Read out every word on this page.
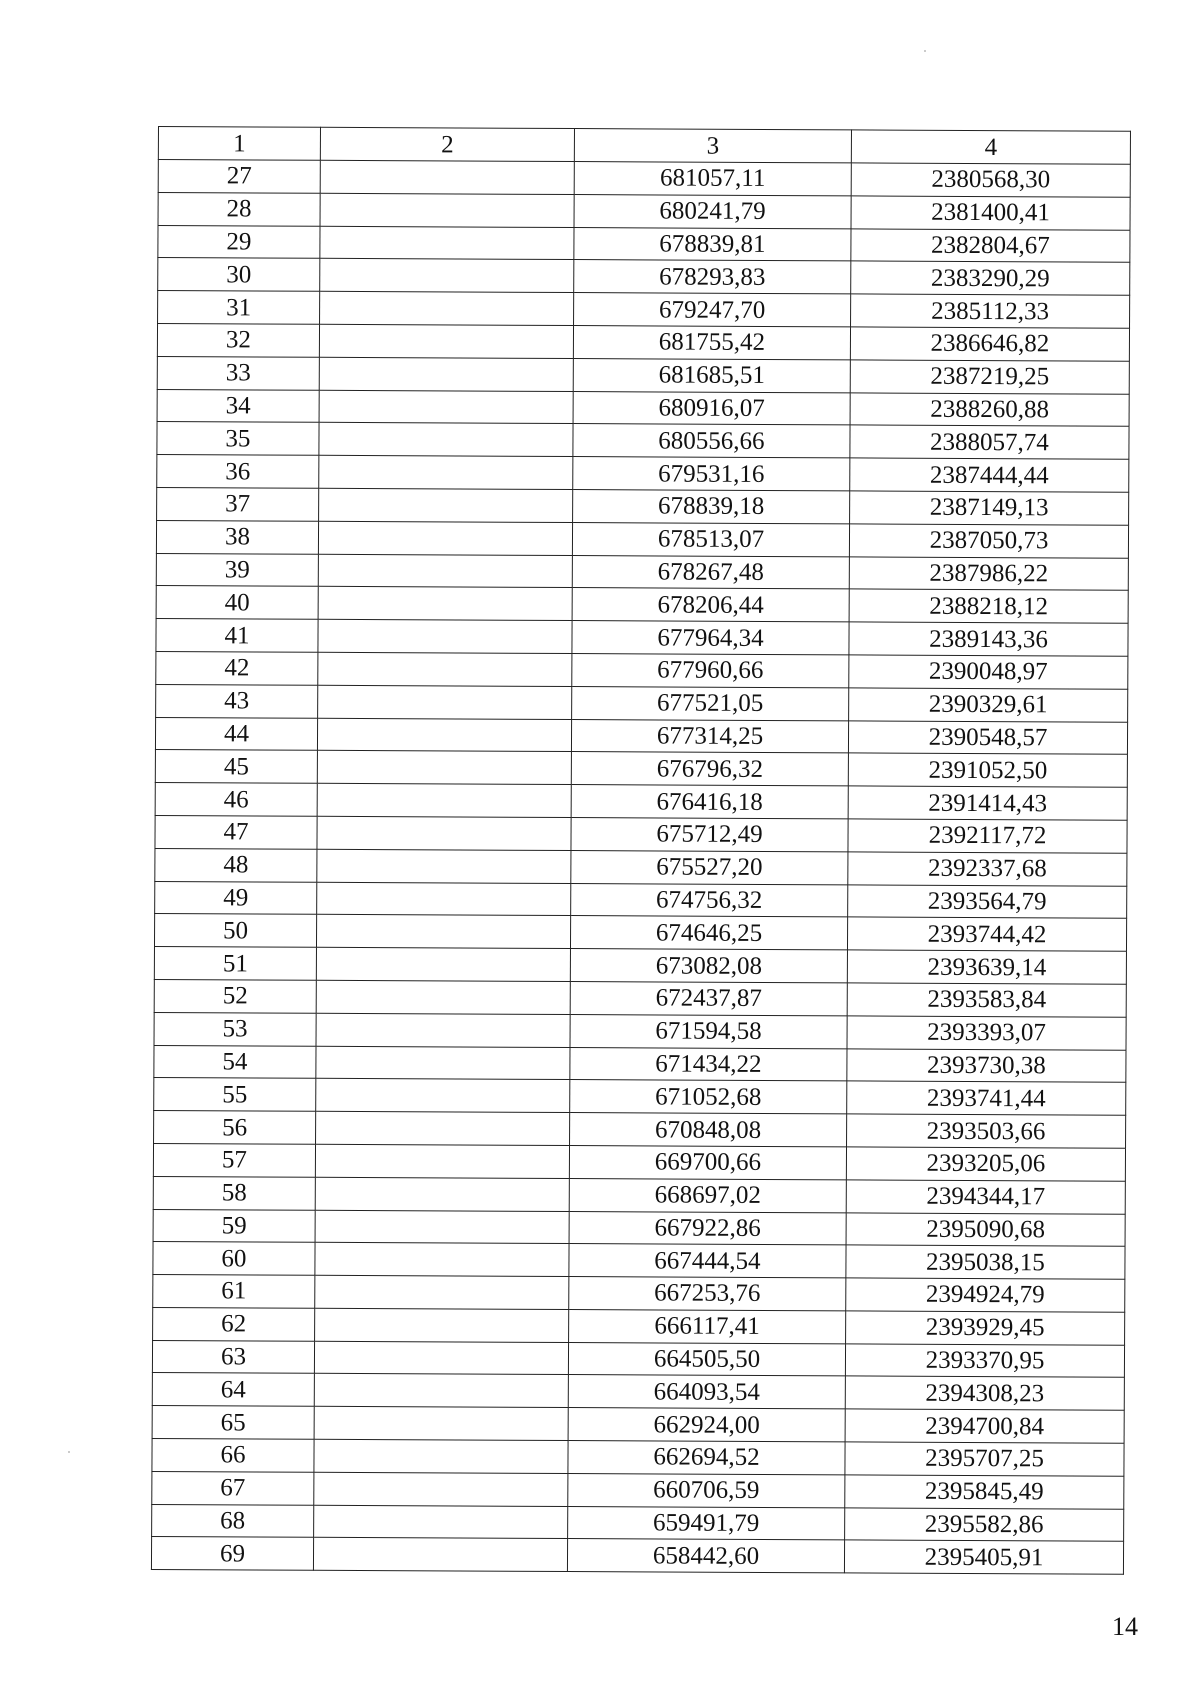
1	2	3	4
27		681057,11	2380568,30
28		680241,79	2381400,41
29		678839,81	2382804,67
30		678293,83	2383290,29
31		679247,70	2385112,33
32		681755,42	2386646,82
33		681685,51	2387219,25
34		680916,07	2388260,88
35		680556,66	2388057,74
36		679531,16	2387444,44
37		678839,18	2387149,13
38		678513,07	2387050,73
39		678267,48	2387986,22
40		678206,44	2388218,12
41		677964,34	2389143,36
42		677960,66	2390048,97
43		677521,05	2390329,61
44		677314,25	2390548,57
45		676796,32	2391052,50
46		676416,18	2391414,43
47		675712,49	2392117,72
48		675527,20	2392337,68
49		674756,32	2393564,79
50		674646,25	2393744,42
51		673082,08	2393639,14
52		672437,87	2393583,84
53		671594,58	2393393,07
54		671434,22	2393730,38
55		671052,68	2393741,44
56		670848,08	2393503,66
57		669700,66	2393205,06
58		668697,02	2394344,17
59		667922,86	2395090,68
60		667444,54	2395038,15
61		667253,76	2394924,79
62		666117,41	2393929,45
63		664505,50	2393370,95
64		664093,54	2394308,23
65		662924,00	2394700,84
66		662694,52	2395707,25
67		660706,59	2395845,49
68		659491,79	2395582,86
69		658442,60	2395405,91
14
